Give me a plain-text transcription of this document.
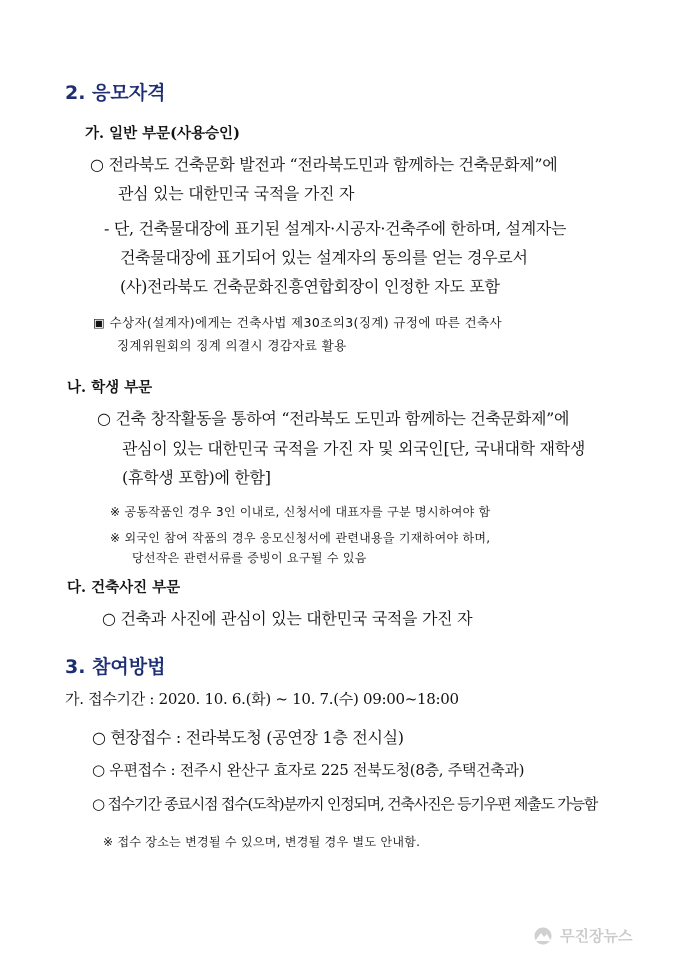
2. 응모자격
가. 일반 부문(사용승인)
○ 전라북도 건축문화 발전과 “전라북도민과 함께하는 건축문화제”에
관심 있는 대한민국 국적을 가진 자
- 단, 건축물대장에 표기된 설계자·시공자·건축주에 한하며, 설계자는
건축물대장에 표기되어 있는 설계자의 동의를 얻는 경우로서
(사)전라북도 건축문화진흥연합회장이 인정한 자도 포함
▣ 수상자(설계자)에게는 건축사법 제30조의3(징계) 규정에 따른 건축사
징계위원회의 징계 의결시 경감자료 활용
나. 학생 부문
○ 건축 창작활동을 통하여 “전라북도 도민과 함께하는 건축문화제”에
관심이 있는 대한민국 국적을 가진 자 및 외국인[단, 국내대학 재학생
(휴학생 포함)에 한함]
※ 공동작품인 경우 3인 이내로, 신청서에 대표자를 구분 명시하여야 함
※ 외국인 참여 작품의 경우 응모신청서에 관련내용을 기재하여야 하며,
당선작은 관련서류를 증빙이 요구될 수 있음
다. 건축사진 부문
○ 건축과 사진에 관심이 있는 대한민국 국적을 가진 자
3. 참여방법
가. 접수기간 : 2020. 10. 6.(화) ~ 10. 7.(수) 09:00~18:00
○ 현장접수 : 전라북도청 (공연장 1층 전시실)
○ 우편접수 : 전주시 완산구 효자로 225 전북도청(8층, 주택건축과)
○ 접수기간 종료시점 접수(도착)분까지 인정되며, 건축사진은 등기우편 제출도 가능함
※ 접수 장소는 변경될 수 있으며, 변경될 경우 별도 안내함.
무진장뉴스
